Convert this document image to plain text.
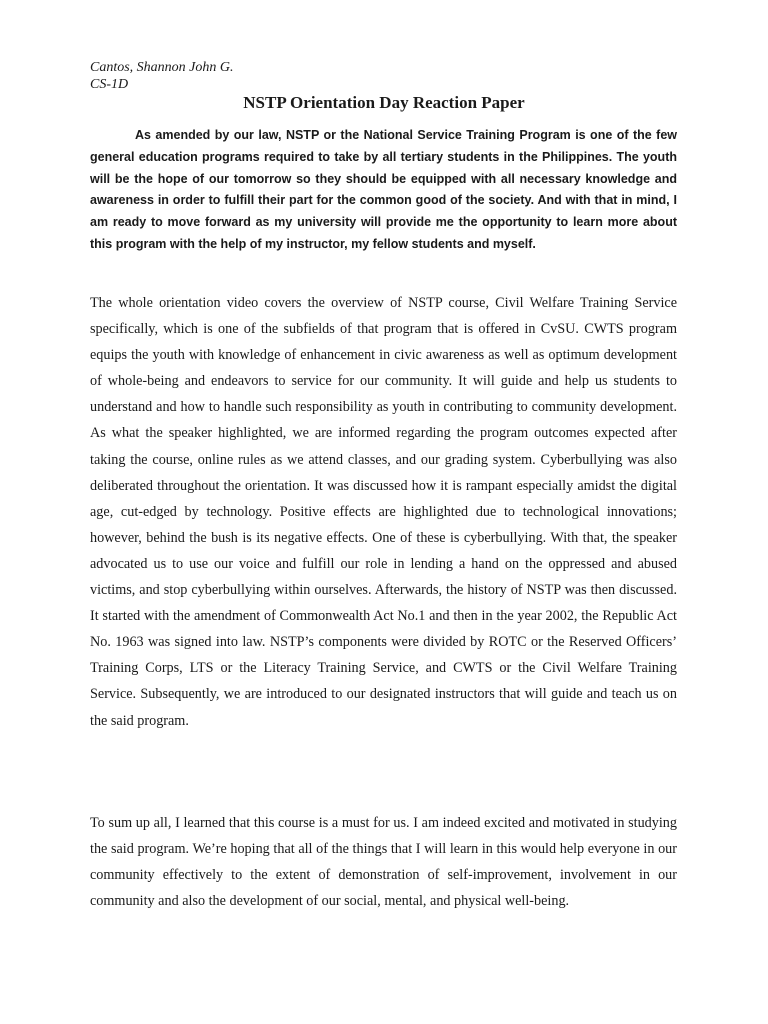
Cantos, Shannon John G.
CS-1D
NSTP Orientation Day Reaction Paper

As amended by our law, NSTP or the National Service Training Program is one of the few general education programs required to take by all tertiary students in the Philippines. The youth will be the hope of our tomorrow so they should be equipped with all necessary knowledge and awareness in order to fulfill their part for the common good of the society. And with that in mind, I am ready to move forward as my university will provide me the opportunity to learn more about this program with the help of my instructor, my fellow students and myself.

The whole orientation video covers the overview of NSTP course, Civil Welfare Training Service specifically, which is one of the subfields of that program that is offered in CvSU. CWTS program equips the youth with knowledge of enhancement in civic awareness as well as optimum development of whole-being and endeavors to service for our community. It will guide and help us students to understand and how to handle such responsibility as youth in contributing to community development. As what the speaker highlighted, we are informed regarding the program outcomes expected after taking the course, online rules as we attend classes, and our grading system. Cyberbullying was also deliberated throughout the orientation. It was discussed how it is rampant especially amidst the digital age, cut-edged by technology. Positive effects are highlighted due to technological innovations; however, behind the bush is its negative effects. One of these is cyberbullying. With that, the speaker advocated us to use our voice and fulfill our role in lending a hand on the oppressed and abused victims, and stop cyberbullying within ourselves. Afterwards, the history of NSTP was then discussed. It started with the amendment of Commonwealth Act No.1 and then in the year 2002, the Republic Act No. 1963 was signed into law. NSTP’s components were divided by ROTC or the Reserved Officers’ Training Corps, LTS or the Literacy Training Service, and CWTS or the Civil Welfare Training Service. Subsequently, we are introduced to our designated instructors that will guide and teach us on the said program.

To sum up all, I learned that this course is a must for us. I am indeed excited and motivated in studying the said program. We’re hoping that all of the things that I will learn in this would help everyone in our community effectively to the extent of demonstration of self-improvement, involvement in our community and also the development of our social, mental, and physical well-being.
